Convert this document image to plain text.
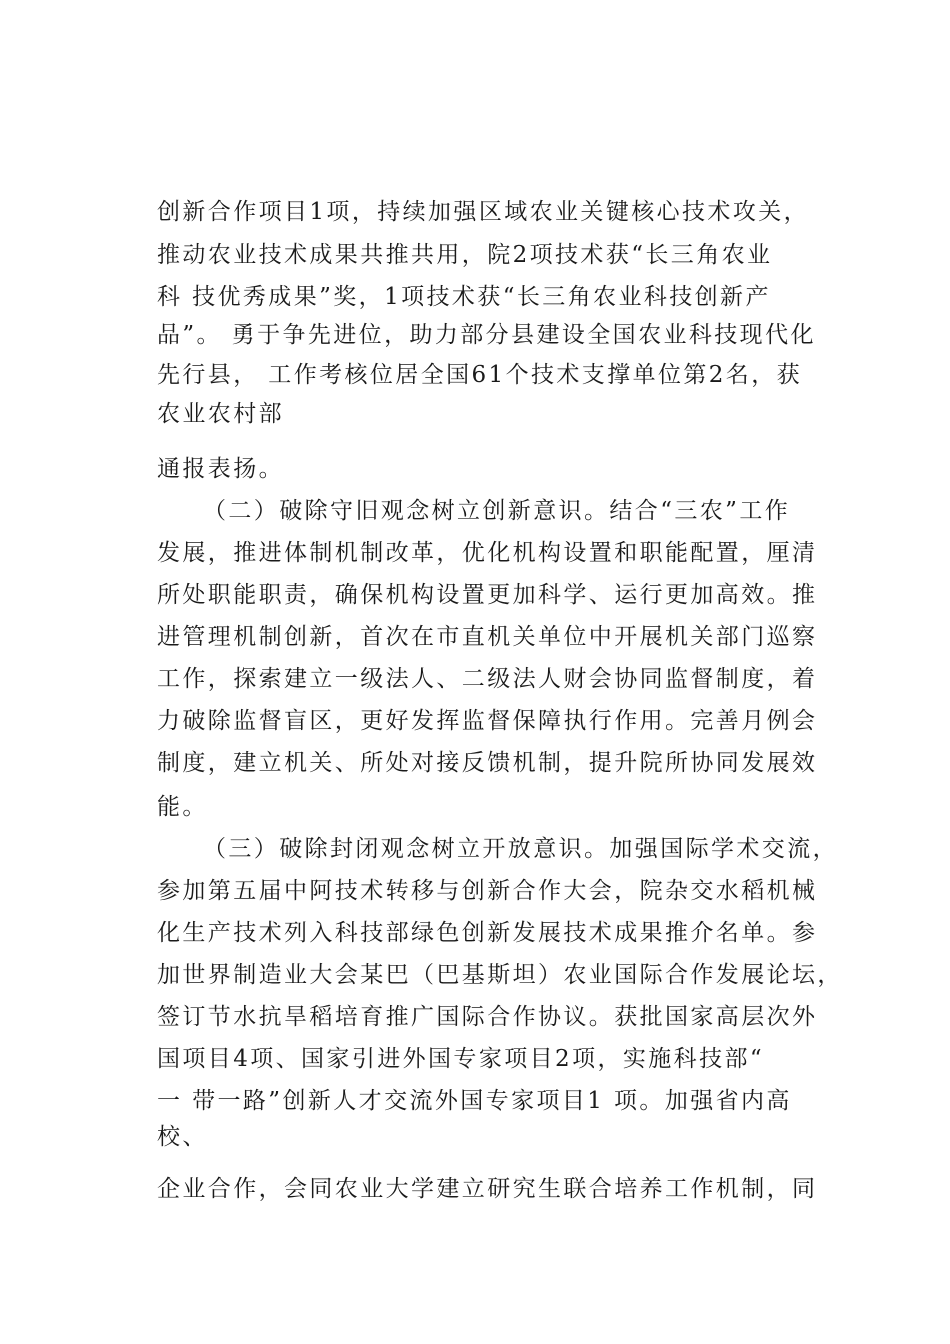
创新合作项目1项，持续加强区域农业关键核心技术攻关，
推动农业技术成果共推共用，院2项技术获“长三角农业
科 技优秀成果”奖，1项技术获“长三角农业科技创新产
品”。 勇于争先进位，助力部分县建设全国农业科技现代化
先行县， 工作考核位居全国61个技术支撑单位第2名，获
农业农村部
通报表扬。
（二）破除守旧观念树立创新意识。结合“三农”工作
发展，推进体制机制改革，优化机构设置和职能配置，厘清
所处职能职责，确保机构设置更加科学、运行更加高效。推
进管理机制创新，首次在市直机关单位中开展机关部门巡察
工作，探索建立一级法人、二级法人财会协同监督制度，着
力破除监督盲区，更好发挥监督保障执行作用。完善月例会
制度，建立机关、所处对接反馈机制，提升院所协同发展效
能。
（三）破除封闭观念树立开放意识。加强国际学术交流，
参加第五届中阿技术转移与创新合作大会，院杂交水稻机械
化生产技术列入科技部绿色创新发展技术成果推介名单。参
加世界制造业大会某巴（巴基斯坦）农业国际合作发展论坛，
签订节水抗旱稻培育推广国际合作协议。获批国家高层次外
国项目4项、国家引进外国专家项目2项，实施科技部“
一 带一路”创新人才交流外国专家项目1 项。加强省内高
校、
企业合作，会同农业大学建立研究生联合培养工作机制，同
